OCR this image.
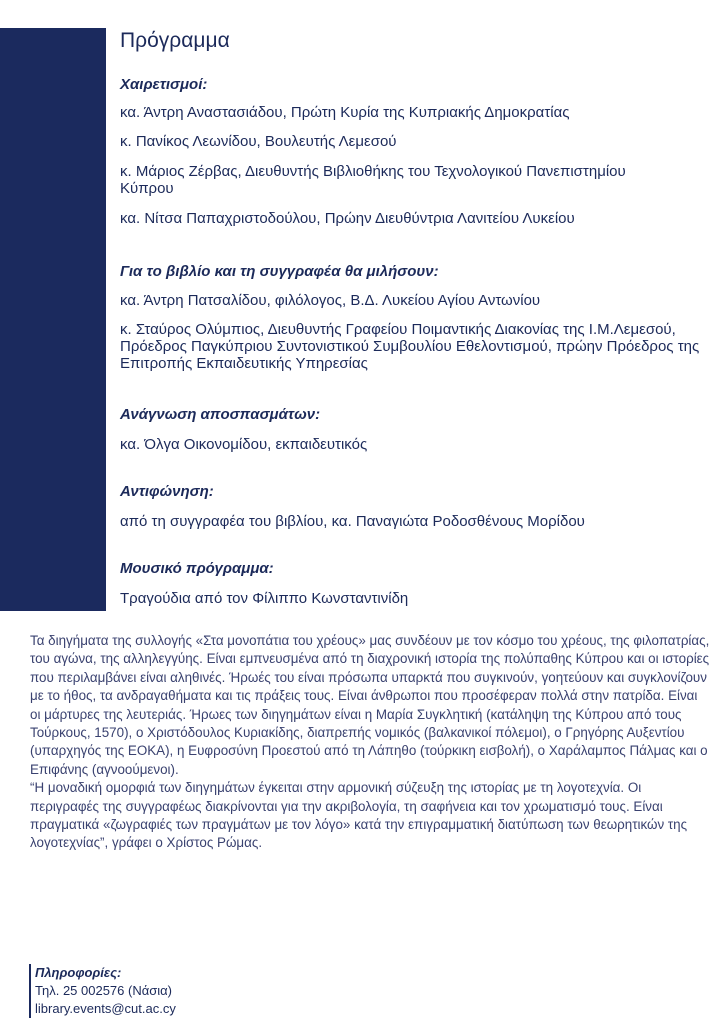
Πρόγραμμα

Χαιρετισμοί:

κα. Άντρη Αναστασιάδου, Πρώτη Κυρία της Κυπριακής Δημοκρατίας

κ. Πανίκος Λεωνίδου, Βουλευτής Λεμεσού

κ. Μάριος Ζέρβας, Διευθυντής Βιβλιοθήκης του Τεχνολογικού Πανεπιστημίου Κύπρου

κα. Νίτσα Παπαχριστοδούλου, Πρώην Διευθύντρια Λανιτείου Λυκείου

Για το βιβλίο και τη συγγραφέα θα μιλήσουν:

κα. Άντρη Πατσαλίδου, φιλόλογος, Β.Δ. Λυκείου Αγίου Αντωνίου

κ. Σταύρος Ολύμπιος, Διευθυντής Γραφείου Ποιμαντικής Διακονίας της Ι.Μ.Λεμεσού, Πρόεδρος Παγκύπριου Συντονιστικού Συμβουλίου Εθελοντισμού, πρώην Πρόεδρος της Επιτροπής Εκπαιδευτικής Υπηρεσίας

Ανάγνωση αποσπασμάτων:

κα. Όλγα Οικονομίδου, εκπαιδευτικός

Αντιφώνηση:

από τη συγγραφέα του βιβλίου, κα. Παναγιώτα Ροδοσθένους Μορίδου

Μουσικό πρόγραμμα:

Τραγούδια από τον Φίλιππο Κωνσταντινίδη

Τα διηγήματα της συλλογής «Στα μονοπάτια του χρέους» μας συνδέουν με τον κόσμο του χρέους, της φιλοπατρίας, του αγώνα, της αλληλεγγύης. Είναι εμπνευσμένα από τη διαχρονική ιστορία της πολύπαθης Κύπρου και οι ιστορίες που περιλαμβάνει είναι αληθινές. Ήρωές του είναι πρόσωπα υπαρκτά που συγκινούν, γοητεύουν και συγκλονίζουν με το ήθος, τα ανδραγαθήματα και τις πράξεις τους. Είναι άνθρωποι που προσέφεραν πολλά στην πατρίδα. Είναι οι μάρτυρες της λευτεριάς. Ήρωες των διηγημάτων είναι η Μαρία Συγκλητική (κατάληψη της Κύπρου από τους Τούρκους, 1570), ο Χριστόδουλος Κυριακίδης, διαπρεπής νομικός (βαλκανικοί πόλεμοι), ο Γρηγόρης Αυξεντίου (υπαρχηγός της ΕΟΚΑ), η Ευφροσύνη Προεστού από τη Λάπηθο (τούρκικη εισβολή), ο Χαράλαμπος Πάλμας και ο Επιφάνης (αγνοούμενοι).

“Η μοναδική ομορφιά των διηγημάτων έγκειται στην αρμονική σύζευξη της ιστορίας με τη λογοτεχνία. Οι περιγραφές της συγγραφέως διακρίνονται για την ακριβολογία, τη σαφήνεια και τον χρωματισμό τους. Είναι πραγματικά «ζωγραφιές των πραγμάτων με τον λόγο» κατά την επιγραμματική διατύπωση των θεωρητικών της λογοτεχνίας”, γράφει ο Χρίστος Ρώμας.

Πληροφορίες:
Τηλ. 25 002576 (Νάσια)
library.events@cut.ac.cy
